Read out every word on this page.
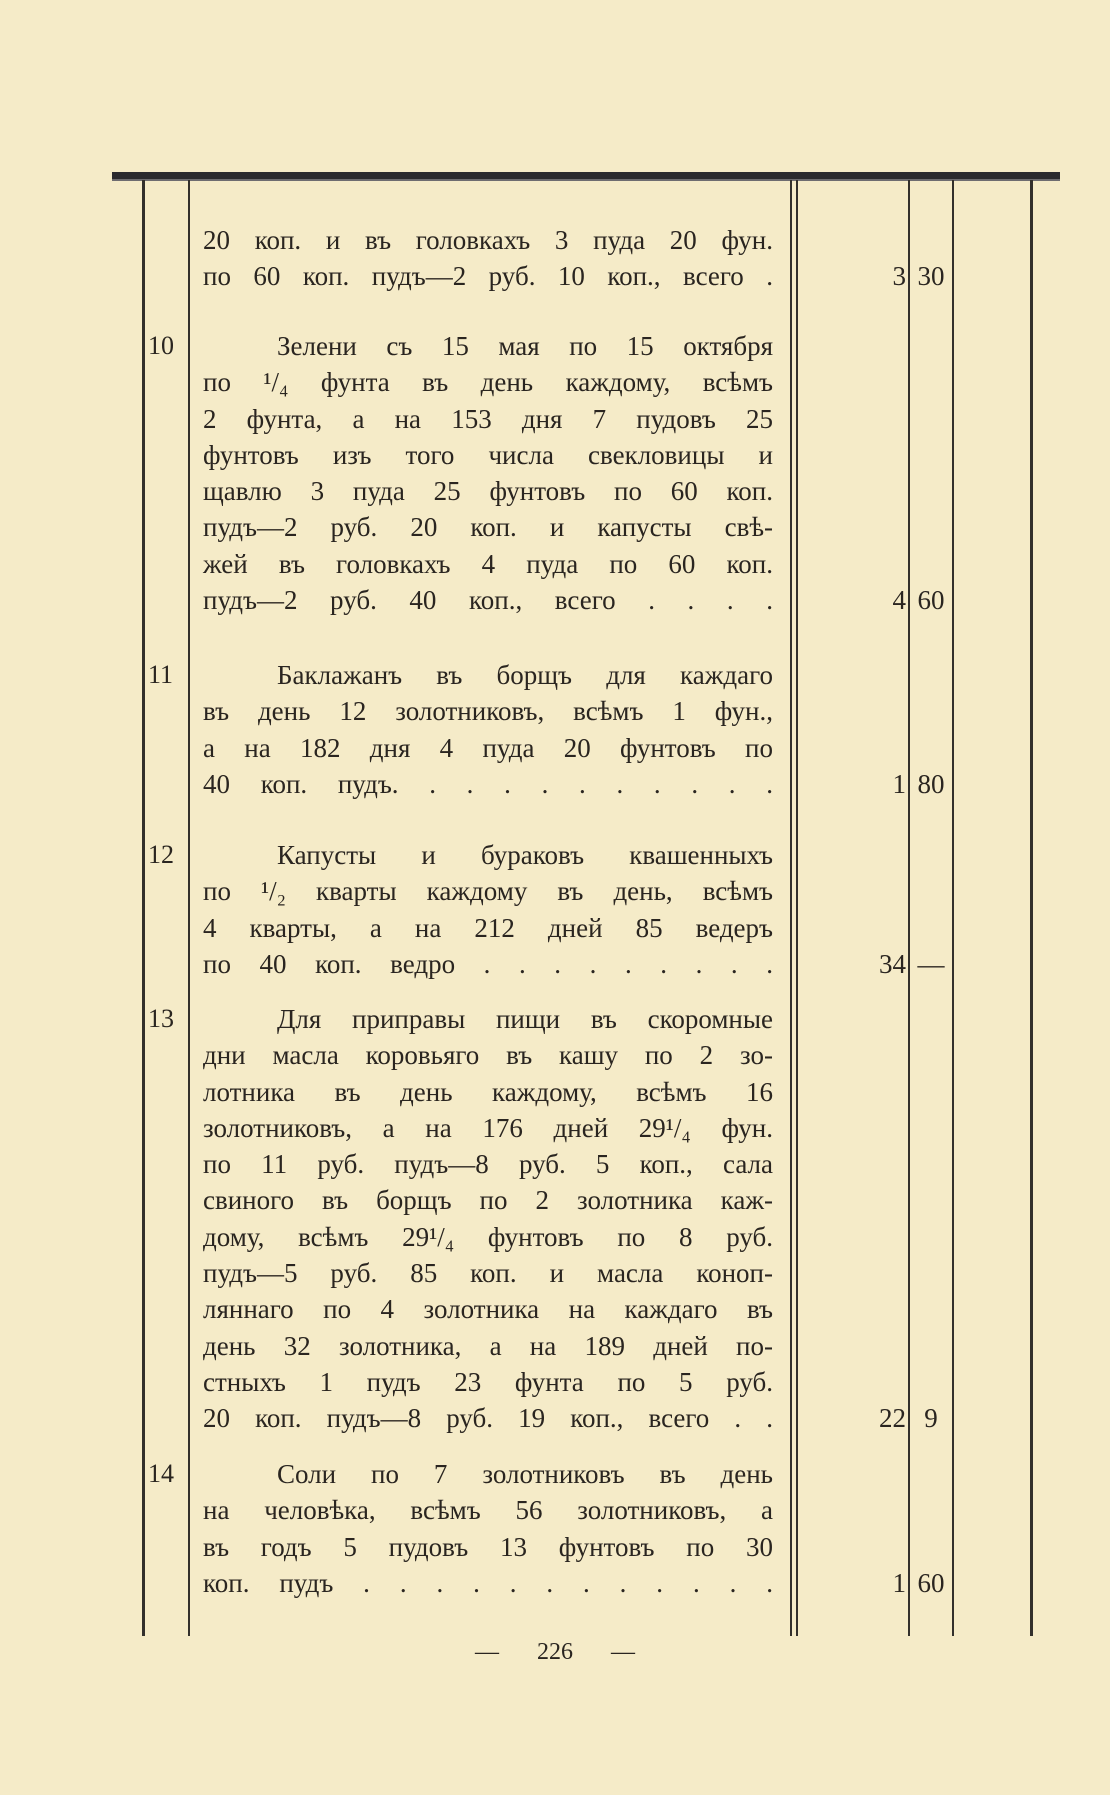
20 коп. и въ головкахъ 3 пуда 20 фун.
по 60 коп. пудъ—2 руб. 10 коп., всего .	3 30
10	Зелени съ 15 мая по 15 октября
по ¹/₄ фунта въ день каждому, всѣмъ
2 фунта, а на 153 дня 7 пудовъ 25
фунтовъ изъ того числа свекловицы и
щавлю 3 пуда 25 фунтовъ по 60 коп.
пудъ—2 руб. 20 коп. и капусты свѣ-
жей въ головкахъ 4 пуда по 60 коп.
пудъ—2 руб. 40 коп., всего . . . .	4 60
11	Баклажанъ въ борщъ для каждаго
въ день 12 золотниковъ, всѣмъ 1 фун.,
а на 182 дня 4 пуда 20 фунтовъ по
40 коп. пудъ. . . . . . . . . . .	1 80
12	Капусты и бураковъ квашенныхъ
по ¹/₂ кварты каждому въ день, всѣмъ
4 кварты, а на 212 дней 85 ведеръ
по 40 коп. ведро . . . . . . . . .	34 —
13	Для приправы пищи въ скоромные
дни масла коровьяго въ кашу по 2 зо-
лотника въ день каждому, всѣмъ 16
золотниковъ, а на 176 дней 29¹/₄ фун.
по 11 руб. пудъ—8 руб. 5 коп., сала
свиного въ борщъ по 2 золотника каж-
дому, всѣмъ 29¹/₄ фунтовъ по 8 руб.
пудъ—5 руб. 85 коп. и масла коноп-
ляннаго по 4 золотника на каждаго въ
день 32 золотника, а на 189 дней по-
стныхъ 1 пудъ 23 фунта по 5 руб.
20 коп. пудъ—8 руб. 19 коп., всего . .	22 9
14	Соли по 7 золотниковъ въ день
на человѣка, всѣмъ 56 золотниковъ, а
въ годъ 5 пудовъ 13 фунтовъ по 30
коп. пудъ . . . . . . . . . . . .	1 60
— 226 —
